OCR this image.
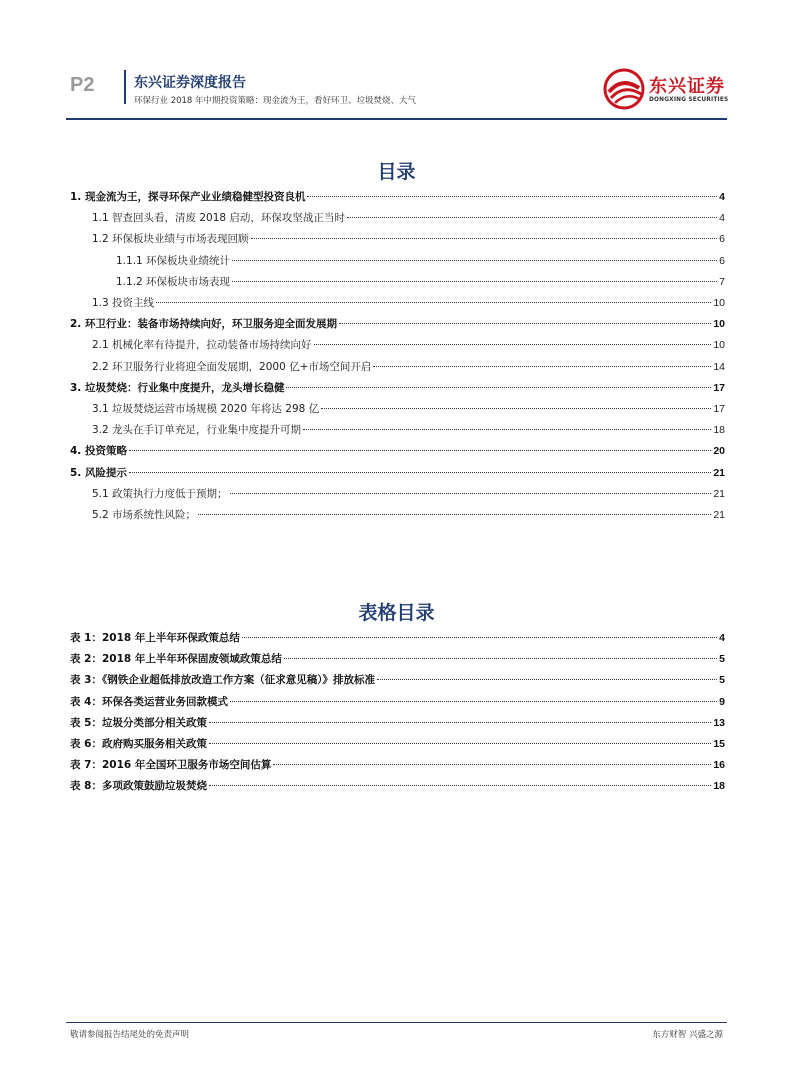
P2	东兴证券深度报告
环保行业 2018 年中期投资策略：现金流为王，看好环卫、垃圾焚烧、大气
东兴证券
DONGXING SECURITIES
目录
1. 现金流为王，探寻环保产业业绩稳健型投资良机	4
1.1 智查回头看，清废 2018 启动，环保攻坚战正当时	4
1.2 环保板块业绩与市场表现回顾	6
1.1.1 环保板块业绩统计	6
1.1.2 环保板块市场表现	7
1.3 投资主线	10
2. 环卫行业：装备市场持续向好，环卫服务迎全面发展期	10
2.1 机械化率有待提升，拉动装备市场持续向好	10
2.2 环卫服务行业将迎全面发展期，2000 亿+市场空间开启	14
3. 垃圾焚烧：行业集中度提升，龙头增长稳健	17
3.1 垃圾焚烧运营市场规模 2020 年将达 298 亿	17
3.2 龙头在手订单充足，行业集中度提升可期	18
4. 投资策略	20
5. 风险提示	21
5.1 政策执行力度低于预期；	21
5.2 市场系统性风险；	21
表格目录
表 1：2018 年上半年环保政策总结	4
表 2：2018 年上半年环保固废领域政策总结	5
表 3：《钢铁企业超低排放改造工作方案（征求意见稿）》排放标准	5
表 4：环保各类运营业务回款模式	9
表 5：垃圾分类部分相关政策	13
表 6：政府购买服务相关政策	15
表 7：2016 年全国环卫服务市场空间估算	16
表 8：多项政策鼓励垃圾焚烧	18
敬请参阅报告结尾处的免责声明	东方财智 兴盛之源
